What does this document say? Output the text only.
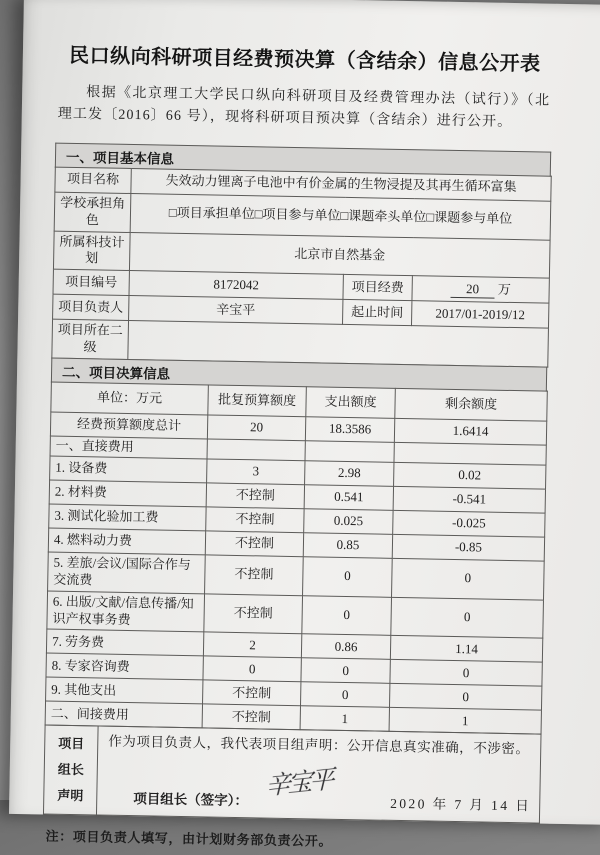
民口纵向科研项目经费预决算（含结余）信息公开表

根据《北京理工大学民口纵向科研项目及经费管理办法（试行）》（北理工发〔2016〕66 号），现将科研项目预决算（含结余）进行公开。

一、项目基本信息
项目名称	失效动力锂离子电池中有价金属的生物浸提及其再生循环富集		
学校承担角色	□项目承担单位□项目参与单位□课题牵头单位□课题参与单位		
所属科技计划	北京市自然基金		
项目编号	8172042	项目经费	20 万
项目负责人	辛宝平	起止时间	2017/01-2019/12
项目所在二级			
二、项目决算信息
单位：万元	批复预算额度	支出额度	剩余额度
经费预算额度总计	20	18.3586	1.6414
一、直接费用			
1. 设备费	3	2.98	0.02
2. 材料费	不控制	0.541	-0.541
3. 测试化验加工费	不控制	0.025	-0.025
4. 燃料动力费	不控制	0.85	-0.85
5. 差旅/会议/国际合作与交流费	不控制	0	0
6. 出版/文献/信息传播/知识产权事务费	不控制	0	0
7. 劳务费	2	0.86	1.14
8. 专家咨询费	0	0	0
9. 其他支出	不控制	0	0
二、间接费用	不控制	1	1
项目
组长
声明

作为项目负责人，我代表项目组声明：公开信息真实准确，不涉密。
项目组长（签字）： 辛宝平
2020 年 7 月 14 日

注：项目负责人填写，由计划财务部负责公开。
